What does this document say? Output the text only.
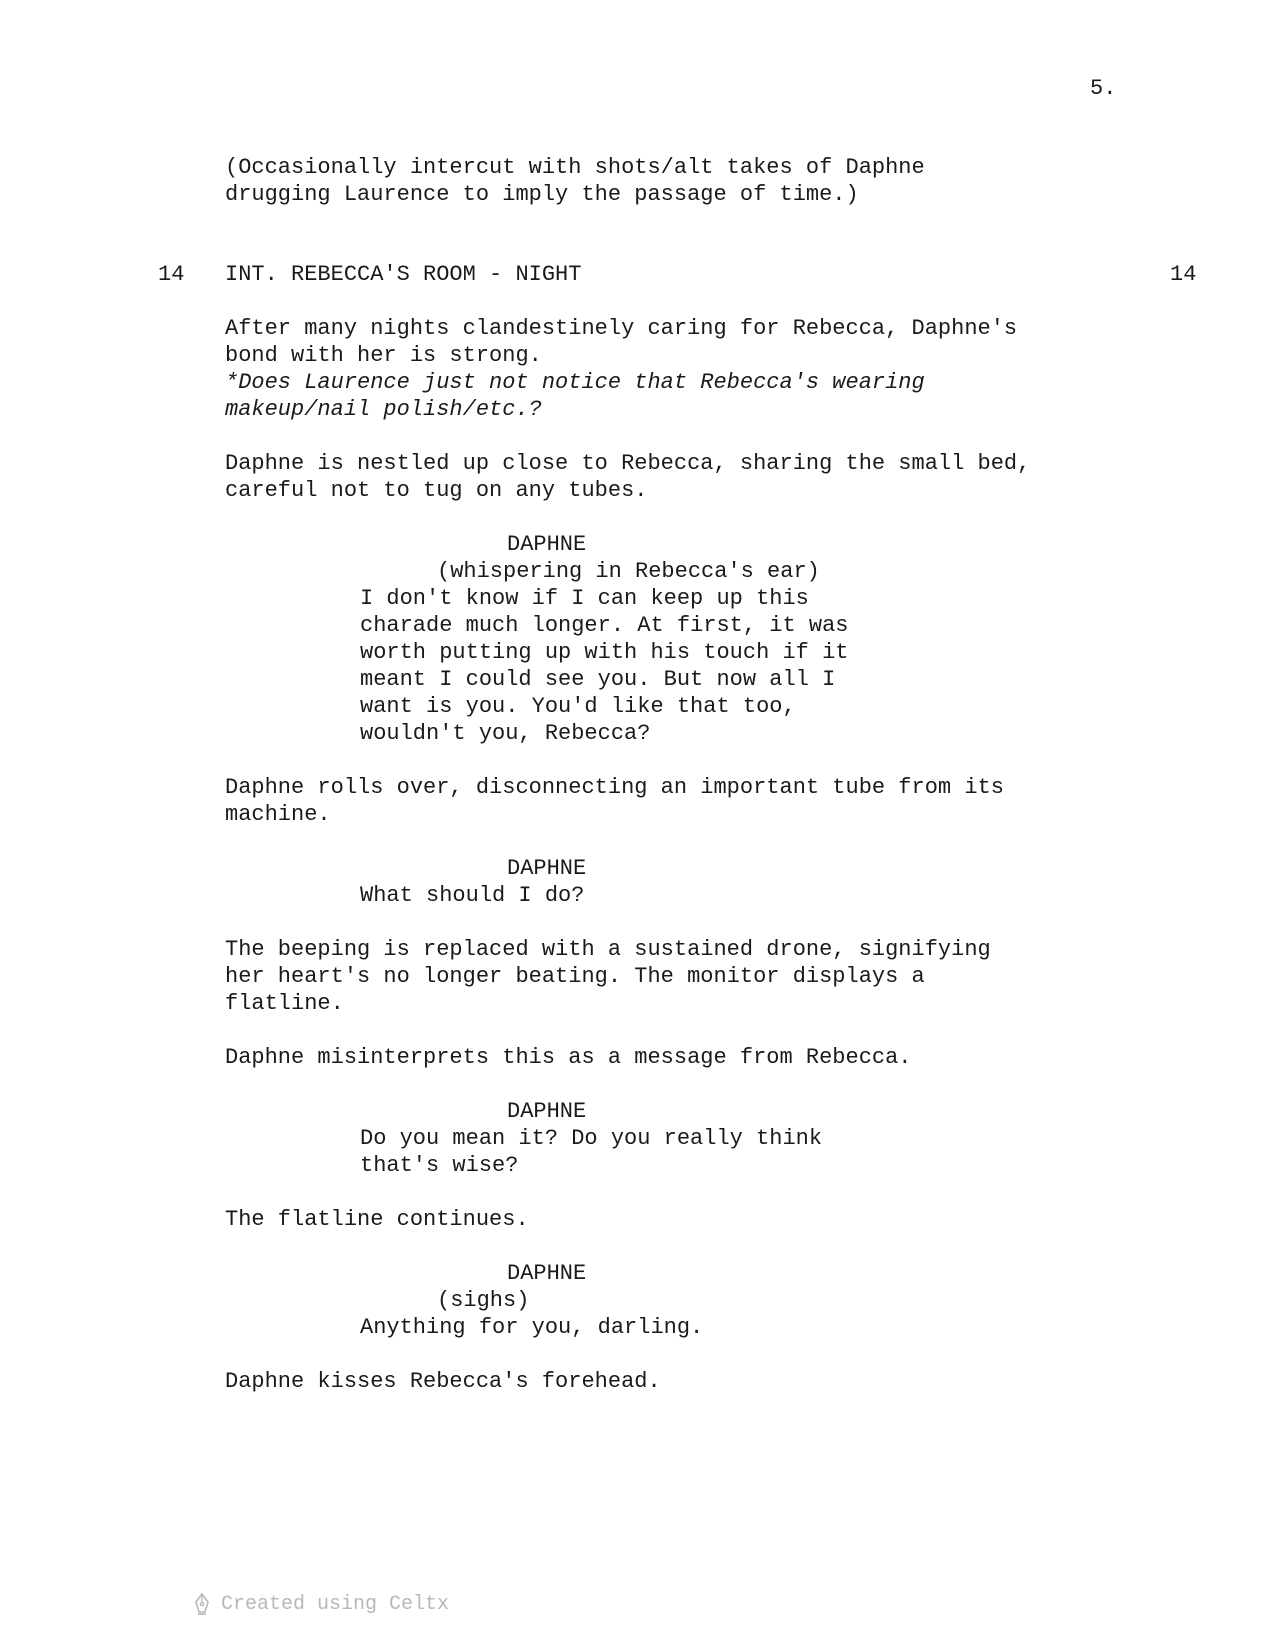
5.
(Occasionally intercut with shots/alt takes of Daphne
drugging Laurence to imply the passage of time.)
14 INT. REBECCA'S ROOM - NIGHT	14
After many nights clandestinely caring for Rebecca, Daphne's
bond with her is strong.
*Does Laurence just not notice that Rebecca's wearing
makeup/nail polish/etc.?
Daphne is nestled up close to Rebecca, sharing the small bed,
careful not to tug on any tubes.
DAPHNE
(whispering in Rebecca's ear)
I don't know if I can keep up this
charade much longer. At first, it was
worth putting up with his touch if it
meant I could see you. But now all I
want is you. You'd like that too,
wouldn't you, Rebecca?
Daphne rolls over, disconnecting an important tube from its
machine.
DAPHNE
What should I do?
The beeping is replaced with a sustained drone, signifying
her heart's no longer beating. The monitor displays a
flatline.
Daphne misinterprets this as a message from Rebecca.
DAPHNE
Do you mean it? Do you really think
that's wise?
The flatline continues.
DAPHNE
(sighs)
Anything for you, darling.
Daphne kisses Rebecca's forehead.
Created using Celtx
